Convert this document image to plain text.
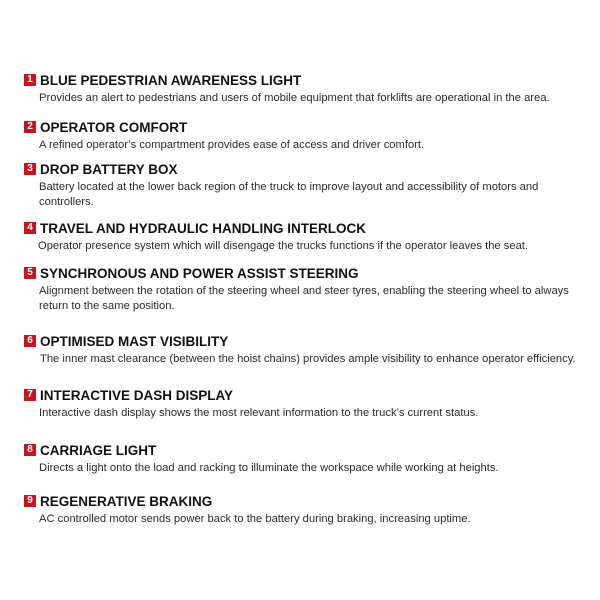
1 BLUE PEDESTRIAN AWARENESS LIGHT
Provides an alert to pedestrians and users of mobile equipment that forklifts are operational in the area.
2 OPERATOR COMFORT
A refined operator’s compartment provides ease of access and driver comfort.
3 DROP BATTERY BOX
Battery located at the lower back region of the truck to improve layout and accessibility of motors and controllers.
4 TRAVEL AND HYDRAULIC HANDLING INTERLOCK
Operator presence system which will disengage the trucks functions if the operator leaves the seat.
5 SYNCHRONOUS AND POWER ASSIST STEERING
Alignment between the rotation of the steering wheel and steer tyres, enabling the steering wheel to always return to the same position.
6 OPTIMISED MAST VISIBILITY
The inner mast clearance (between the hoist chains) provides ample visibility to enhance operator efficiency.
7 INTERACTIVE DASH DISPLAY
Interactive dash display shows the most relevant information to the truck’s current status.
8 CARRIAGE LIGHT
Directs a light onto the load and racking to illuminate the workspace while working at heights.
9 REGENERATIVE BRAKING
AC controlled motor sends power back to the battery during braking, increasing uptime.
